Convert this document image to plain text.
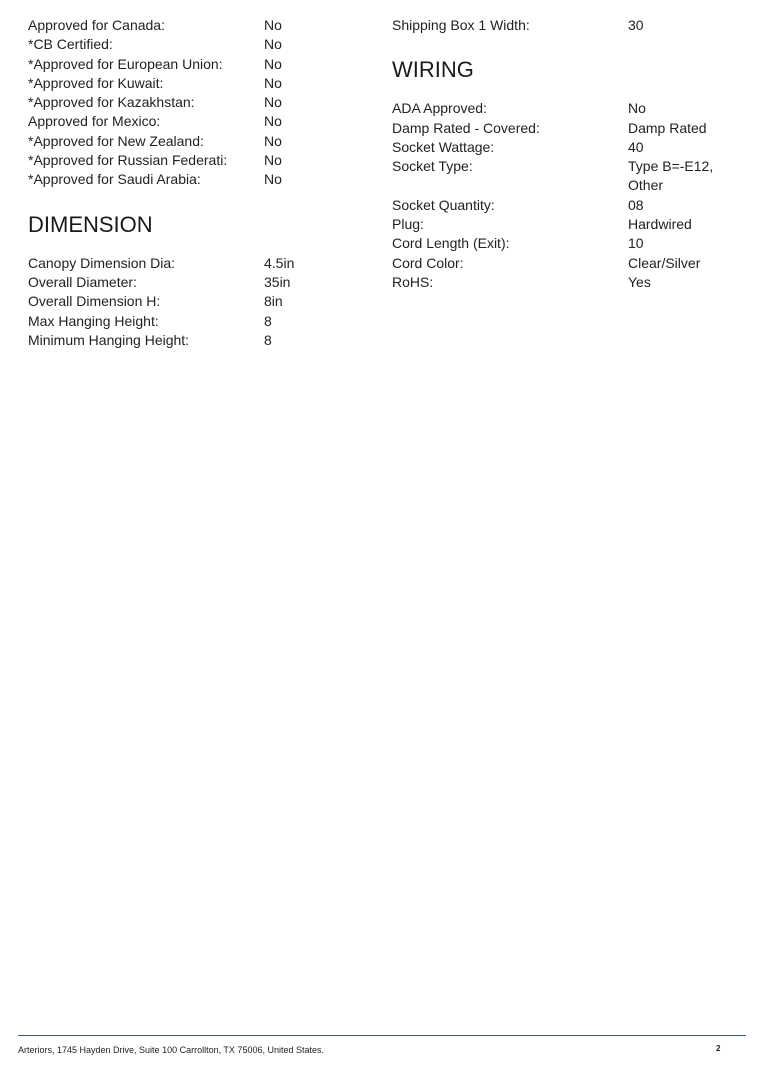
Approved for Canada:	No
*CB Certified:	No
*Approved for European Union:	No
*Approved for Kuwait:	No
*Approved for Kazakhstan:	No
Approved for Mexico:	No
*Approved for New Zealand:	No
*Approved for Russian Federati:	No
*Approved for Saudi Arabia:	No
DIMENSION
Canopy Dimension Dia:	4.5in
Overall Diameter:	35in
Overall Dimension H:	8in
Max Hanging Height:	8
Minimum Hanging Height:	8
Shipping Box 1 Width:	30
WIRING
ADA Approved:	No
Damp Rated - Covered:	Damp Rated
Socket Wattage:	40
Socket Type:	Type B=-E12, Other
Socket Quantity:	08
Plug:	Hardwired
Cord Length (Exit):	10
Cord Color:	Clear/Silver
RoHS:	Yes
Arteriors, 1745 Hayden Drive, Suite 100 Carrollton, TX 75006, United States.	2
